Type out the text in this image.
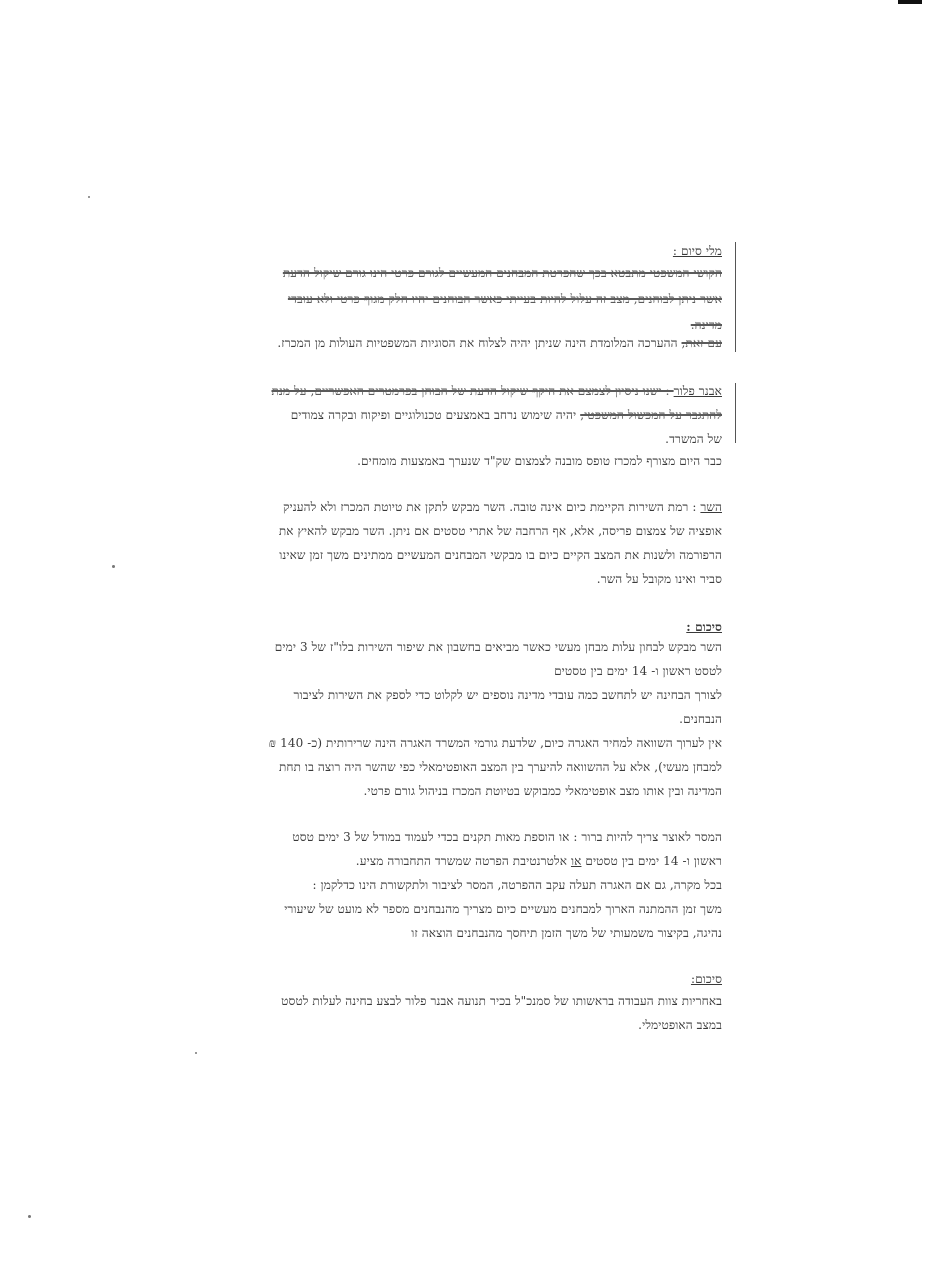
מלי סיום :
הקושי המשפטי מתבטא בכך שהפרטת המבחנים המעשיים לגורם פרטי הינו גורם שיקול הדעת
אשר ניתן לבוחנים, מצב זה עלול להיות בעייתי כאשר הבוחנים יהיו חלק מגוף פרטי ולא עובדי
מדינה.
עם זאת, ההערכה המלומדת הינה שניתן יהיה לצלוח את הסוגיות המשפטיות העולות מן המכרז.
אבנר פלור : ישנו ניסיון לצמצם את היקף שיקול הדעת של הבוחן בפרמטרים האפשריים, על מנת
להתגבר על המכשול המשפטי, יהיה שימוש נרחב באמצעים טכנולוגיים ופיקוח ובקרה צמודים
של המשרד.
כבר היום מצורף למכרז טופס מובנה לצמצום שק"ד שנערך באמצעות מומחים.
השר : רמת השירות הקיימת כיום אינה טובה. השר מבקש לתקן את טיוטת המכרז ולא להעניק
אופציה של צמצום פריסה, אלא, אף הרחבה של אתרי טסטים אם ניתן. השר מבקש להאיץ את
הרפורמה ולשנות את המצב הקיים כיום בו מבקשי המבחנים המעשיים ממתינים משך זמן שאינו
סביר ואינו מקובל על השר.
סיכום :
השר מבקש לבחון עלות מבחן מעשי כאשר מביאים בחשבון את שיפור השירות בלו"ז של 3 ימים
לטסט ראשון ו- 14 ימים בין טסטים
לצורך הבחינה יש לתחשב כמה עובדי מדינה נוספים יש לקלוט כדי לספק את השירות לציבור
הנבחנים.
אין לערוך השוואה למחיר האגרה כיום, שלדעת גורמי המשרד האגרה הינה שרירותית (כ- 140 ₪
למבחן מעשי), אלא על ההשוואה להיערך בין המצב האופטימאלי כפי שהשר היה רוצה בו תחת
המדינה ובין אותו מצב אופטימאלי כמבוקש בטיוטת המכרז בניהול גורם פרטי.
המסר לאוצר צריך להיות ברור : או הוספת מאות תקנים בכדי לעמוד במודל של 3 ימים טסט
ראשון ו- 14 ימים בין טסטים או אלטרנטיבת הפרטה שמשרד התחבורה מציע.
בכל מקרה, גם אם האגרה תעלה עקב ההפרטה, המסר לציבור ולתקשורת הינו כדלקמן :
משך זמן ההמתנה הארוך למבחנים מעשיים כיום מצריך מהנבחנים מספר לא מועט של שיעורי
נהיגה, בקיצור משמעותי של משך הזמן תיחסך מהנבחנים הוצאה זו
סיכום:
באחריות צוות העבודה בראשותו של סמנכ"ל בכיר תנועה אבנר פלור לבצע בחינה לעלות לטסט
במצב האופטימלי.
